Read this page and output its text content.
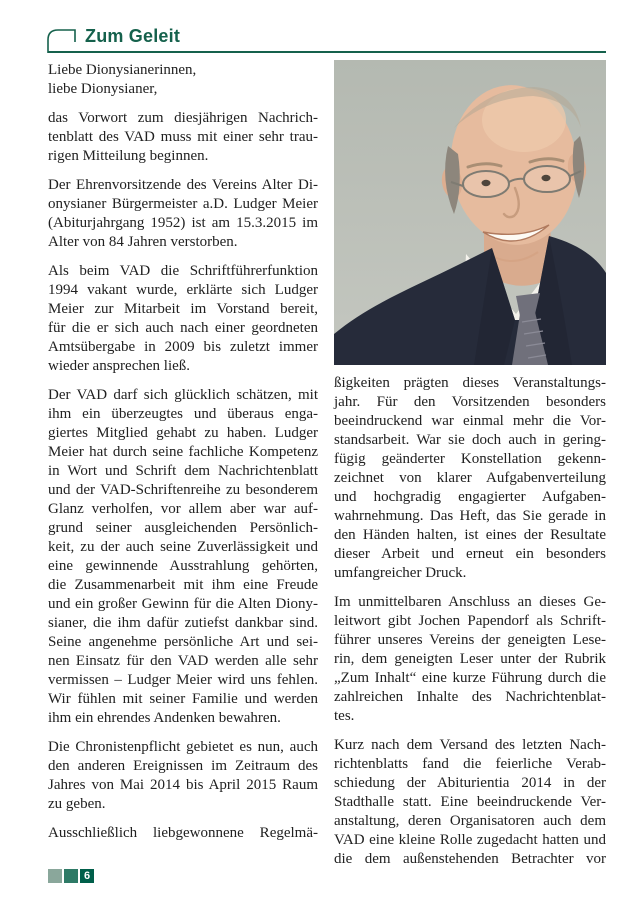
Zum Geleit
Liebe Dionysianerinnen,
liebe Dionysianer,
das Vorwort zum diesjährigen Nachrich-
tenblatt des VAD muss mit einer sehr trau-
rigen Mitteilung beginnen.
Der Ehrenvorsitzende des Vereins Alter Di-
onysianer Bürgermeister a.D. Ludger Meier
(Abiturjahrgang 1952) ist am 15.3.2015 im
Alter von 84 Jahren verstorben.
Als beim VAD die Schriftführerfunktion
1994 vakant wurde, erklärte sich Ludger
Meier zur Mitarbeit im Vorstand bereit,
für die er sich auch nach einer geordneten
Amtsübergabe in 2009 bis zuletzt immer
wieder ansprechen ließ.
Der VAD darf sich glücklich schätzen, mit
ihm ein überzeugtes und überaus enga-
giertes Mitglied gehabt zu haben. Ludger
Meier hat durch seine fachliche Kompetenz
in Wort und Schrift dem Nachrichtenblatt
und der VAD-Schriftenreihe zu besonderem
Glanz verholfen, vor allem aber war auf-
grund seiner ausgleichenden Persönlich-
keit, zu der auch seine Zuverlässigkeit und
eine gewinnende Ausstrahlung gehörten,
die Zusammenarbeit mit ihm eine Freude
und ein großer Gewinn für die Alten Diony-
sianer, die ihm dafür zutiefst dankbar sind.
Seine angenehme persönliche Art und sei-
nen Einsatz für den VAD werden alle sehr
vermissen – Ludger Meier wird uns fehlen.
Wir fühlen mit seiner Familie und werden
ihm ein ehrendes Andenken bewahren.
Die Chronistenpflicht gebietet es nun, auch
den anderen Ereignissen im Zeitraum des
Jahres von Mai 2014 bis April 2015 Raum
zu geben.
Ausschließlich liebgewonnene Regelmä-
ßigkeiten prägten dieses Veranstaltungs-
jahr. Für den Vorsitzenden besonders
beeindruckend war einmal mehr die Vor-
standsarbeit. War sie doch auch in gering-
fügig geänderter Konstellation gekenn-
zeichnet von klarer Aufgabenverteilung
und hochgradig engagierter Aufgaben-
wahrnehmung. Das Heft, das Sie gerade in
den Händen halten, ist eines der Resultate
dieser Arbeit und erneut ein besonders
umfangreicher Druck.
Im unmittelbaren Anschluss an dieses Ge-
leitwort gibt Jochen Papendorf als Schrift-
führer unseres Vereins der geneigten Lese-
rin, dem geneigten Leser unter der Rubrik
„Zum Inhalt“ eine kurze Führung durch die
zahlreichen Inhalte des Nachrichtenblat-
tes.
Kurz nach dem Versand des letzten Nach-
richtenblatts fand die feierliche Verab-
schiedung der Abiturientia 2014 in der
Stadthalle statt. Eine beeindruckende Ver-
anstaltung, deren Organisatoren auch dem
VAD eine kleine Rolle zugedacht hatten und
die dem außenstehenden Betrachter vor
6
